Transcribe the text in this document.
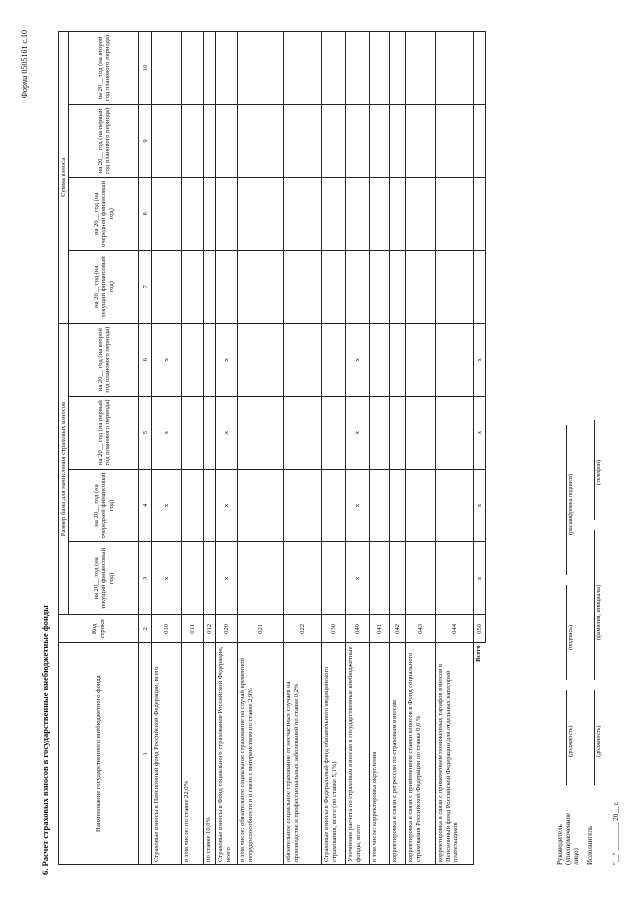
Форма 0505161 с.10
6. Расчет страховых взносов в государственные внебюджетные фонды	Наименование государственного внебюджетного фонда	Код строки	Размер базы для начисления страховых взносов				Сумма взноса			
		на 20__ год (на текущий финансовый год)	на 20__ год (на очередной финансовый год)	на 20__ год (на первый год планового периода)	на 20__ год (на второй год планового периода)	на 20__ год (на текущий финансовый год)	на 20__ год (на очередной финансовый год)	на 20__ год (на первый год планового периода)	на 20__ год (на второй год планового периода)
1	2	3	4	5	6	7	8	9	10
Страховые взносы в Пенсионный фонд Российской Федерации, всего	010	x	x	x	x				
в том числе: по ставке 22,0%	011								
по ставке 10,0%	012								
Страховые взносы в Фонд социального страхования Российской Федерации, всего	020	x	x	x	x				
в том числе: обязательное социальное страхование на случай временной нетрудоспособности и в связи с материнством по ставке 2,9%	021								
обязательное социальное страхование от несчастных случаев на производстве и профессиональных заболеваний по ставке 0,2%	022								
Страховые взносы в Федеральный фонд обязательного медицинского страхования, всего (по ставке 5,1%)	030								
Уточнение расчета по страховым взносам в государственные внебюджетные фонды, всего	040	x	x	x	x				
в том числе: корректировка округления	041								
корректировка в связи с регрессом по страховым взносам	042								
корректировка в связи с применением ставки взносов в Фонд социального страхования Российской Федерации по ставке 0,0 %	043								
корректировка в связи с применением пониженных тарифов взносов в Пенсионный фонд Российской Федерации для отдельных категорий плательщиков	044								
Всего	050	x	x	x	x				
Руководитель (уполномоченное лицо)
(должность)
(подпись)
(расшифровка подписи)
Исполнитель
(должность)
(фамилия, инициалы)
(телефон)
"__" ________ 20__ г.
